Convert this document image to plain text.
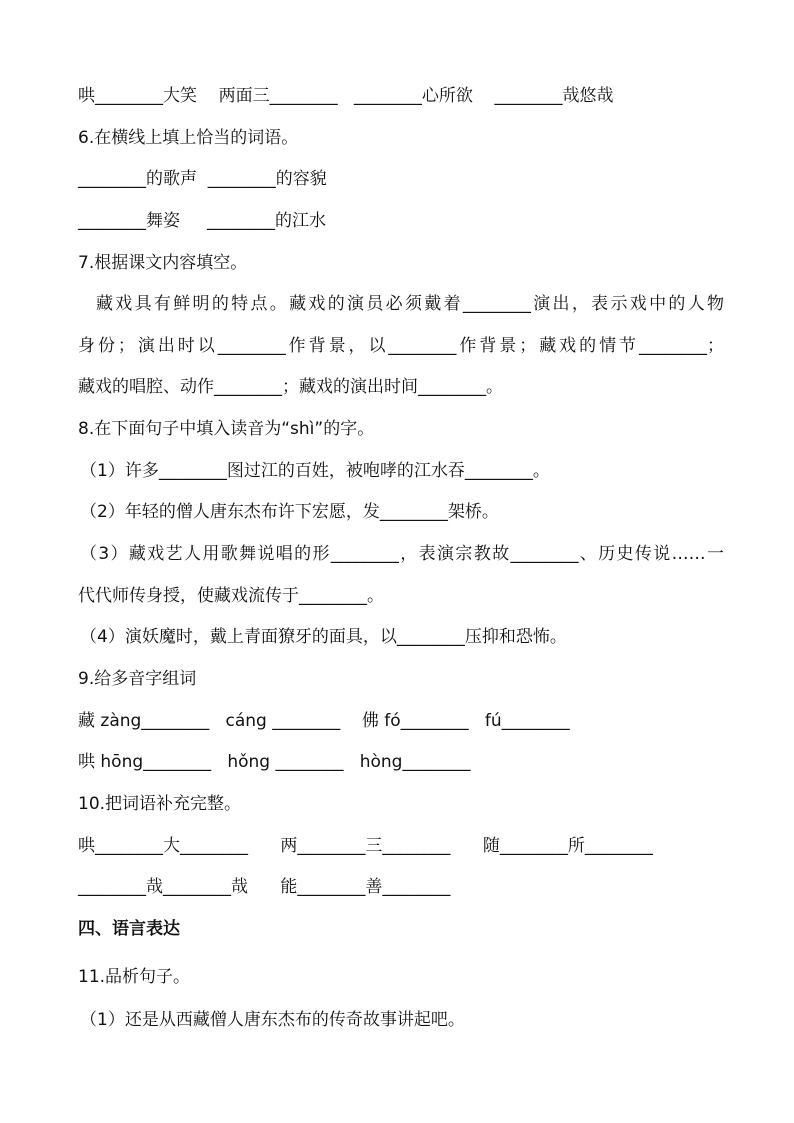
哄________大笑    两面三________   ________心所欲    ________哉悠哉
6.在横线上填上恰当的词语。
________的歌声  ________的容貌
________舞姿     ________的江水
7.根据课文内容填空。
藏戏具有鲜明的特点。藏戏的演员必须戴着________演出，表示戏中的人物
身份；演出时以________作背景，以________作背景；藏戏的情节________；
藏戏的唱腔、动作________；藏戏的演出时间________。
8.在下面句子中填入读音为“shì”的字。
（1）许多________图过江的百姓，被咆哮的江水吞________。
（2）年轻的僧人唐东杰布许下宏愿，发________架桥。
（3）藏戏艺人用歌舞说唱的形________，表演宗教故________、历史传说……一
代代师传身授，使藏戏流传于________。
（4）演妖魔时，戴上青面獠牙的面具，以________压抑和恐怖。
9.给多音字组词
藏 zàng________   cáng ________    佛 fó________   fú________
哄 hōng________   hǒng ________   hòng________
10.把词语补充完整。
哄________大________      两________三________      随________所________
________哉________哉      能________善________
四、语言表达
11.品析句子。
（1）还是从西藏僧人唐东杰布的传奇故事讲起吧。
